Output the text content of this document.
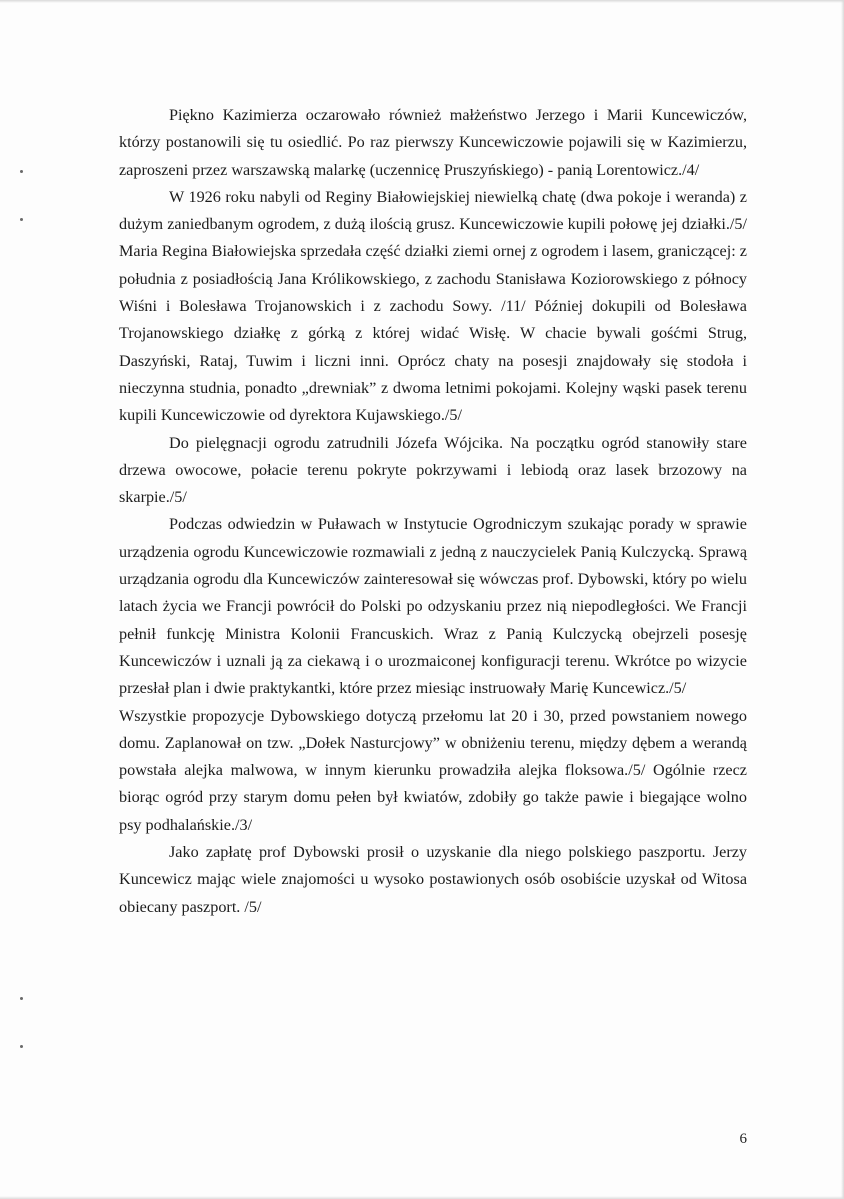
Piękno Kazimierza oczarowało również małżeństwo Jerzego i Marii Kuncewiczów, którzy postanowili się tu osiedlić. Po raz pierwszy Kuncewiczowie pojawili się w Kazimierzu, zaproszeni przez warszawską malarkę (uczennicę Pruszyńskiego) - panią Lorentowicz./4/

W 1926 roku nabyli od Reginy Białowiejskiej niewielką chatę (dwa pokoje i weranda) z dużym zaniedbanym ogrodem, z dużą ilością grusz. Kuncewiczowie kupili połowę jej działki./5/ Maria Regina Białowiejska sprzedała część działki ziemi ornej z ogrodem i lasem, graniczącej: z południa z posiadłością Jana Królikowskiego, z zachodu Stanisława Koziorowskiego z północy Wiśni i Bolesława Trojanowskich i z zachodu Sowy. /11/ Później dokupili od Bolesława Trojanowskiego działkę z górką z której widać Wisłę. W chacie bywali gośćmi Strug, Daszyński, Rataj, Tuwim i liczni inni. Oprócz chaty na posesji znajdowały się stodoła i nieczynna studnia, ponadto „drewniak” z dwoma letnimi pokojami. Kolejny wąski pasek terenu kupili Kuncewiczowie od dyrektora Kujawskiego./5/

Do pielęgnacji ogrodu zatrudnili Józefa Wójcika. Na początku ogród stanowiły stare drzewa owocowe, połacie terenu pokryte pokrzywami i lebiodą oraz lasek brzozowy na skarpie./5/

Podczas odwiedzin w Puławach w Instytucie Ogrodniczym szukając porady w sprawie urządzenia ogrodu Kuncewiczowie rozmawiali z jedną z nauczycielek Panią Kulczycką. Sprawą urządzania ogrodu dla Kuncewiczów zainteresował się wówczas prof. Dybowski, który po wielu latach życia we Francji powrócił do Polski po odzyskaniu przez nią niepodległości. We Francji pełnił funkcję Ministra Kolonii Francuskich. Wraz z Panią Kulczycką obejrzeli posesję Kuncewiczów i uznali ją za ciekawą i o urozmaiconej konfiguracji terenu. Wkrótce po wizycie przesłał plan i dwie praktykantki, które przez miesiąc instruowały Marię Kuncewicz./5/

Wszystkie propozycje Dybowskiego dotyczą przełomu lat 20 i 30, przed powstaniem nowego domu. Zaplanował on tzw. „Dołek Nasturcjowy” w obniżeniu terenu, między dębem a werandą powstała alejka malwowa, w innym kierunku prowadziła alejka floksowa./5/ Ogólnie rzecz biorąc ogród przy starym domu pełen był kwiatów, zdobiły go także pawie i biegające wolno psy podhalańskie./3/

Jako zapłatę prof Dybowski prosił o uzyskanie dla niego polskiego paszportu. Jerzy Kuncewicz mając wiele znajomości u wysoko postawionych osób osobiście uzyskał od Witosa obiecany paszport. /5/

6
